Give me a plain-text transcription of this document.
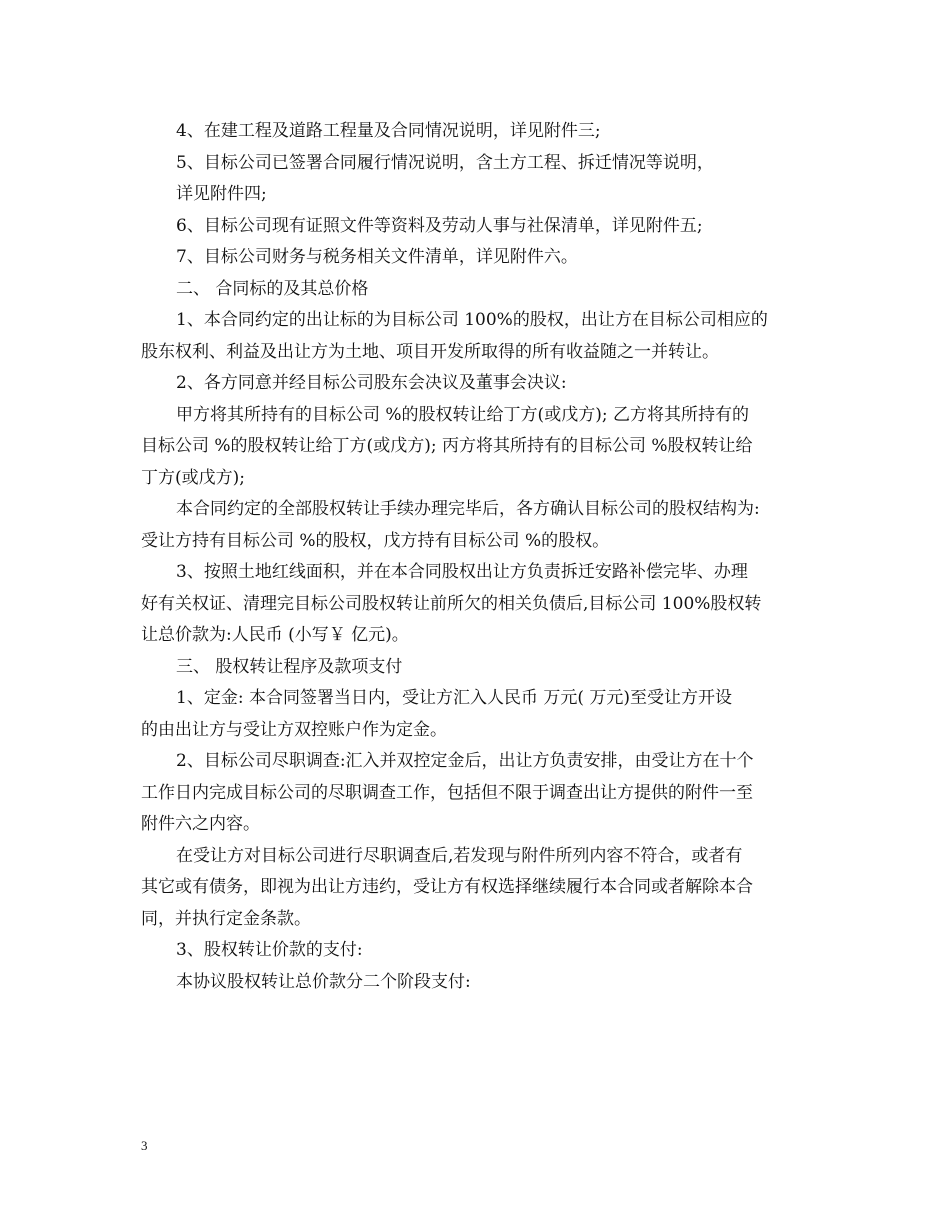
4、在建工程及道路工程量及合同情况说明，详见附件三;
5、目标公司已签署合同履行情况说明，含土方工程、拆迁情况等说明，
详见附件四;
6、目标公司现有证照文件等资料及劳动人事与社保清单，详见附件五;
7、目标公司财务与税务相关文件清单，详见附件六。
二、 合同标的及其总价格
1、本合同约定的出让标的为目标公司 100%的股权，出让方在目标公司相应的
股东权利、利益及出让方为土地、项目开发所取得的所有收益随之一并转让。
2、各方同意并经目标公司股东会决议及董事会决议:
甲方将其所持有的目标公司 %的股权转让给丁方(或戊方); 乙方将其所持有的
目标公司 %的股权转让给丁方(或戊方); 丙方将其所持有的目标公司 %股权转让给
丁方(或戊方);
本合同约定的全部股权转让手续办理完毕后，各方确认目标公司的股权结构为:
受让方持有目标公司 %的股权，戊方持有目标公司 %的股权。
3、按照土地红线面积，并在本合同股权出让方负责拆迁安路补偿完毕、办理
好有关权证、清理完目标公司股权转让前所欠的相关负债后,目标公司 100%股权转
让总价款为:人民币 (小写￥ 亿元)。
三、 股权转让程序及款项支付
1、定金: 本合同签署当日内，受让方汇入人民币 万元( 万元)至受让方开设
的由出让方与受让方双控账户作为定金。
2、目标公司尽职调查:汇入并双控定金后，出让方负责安排，由受让方在十个
工作日内完成目标公司的尽职调查工作，包括但不限于调查出让方提供的附件一至
附件六之内容。
在受让方对目标公司进行尽职调查后,若发现与附件所列内容不符合，或者有
其它或有债务，即视为出让方违约，受让方有权选择继续履行本合同或者解除本合
同，并执行定金条款。
3、股权转让价款的支付:
本协议股权转让总价款分二个阶段支付:
3
